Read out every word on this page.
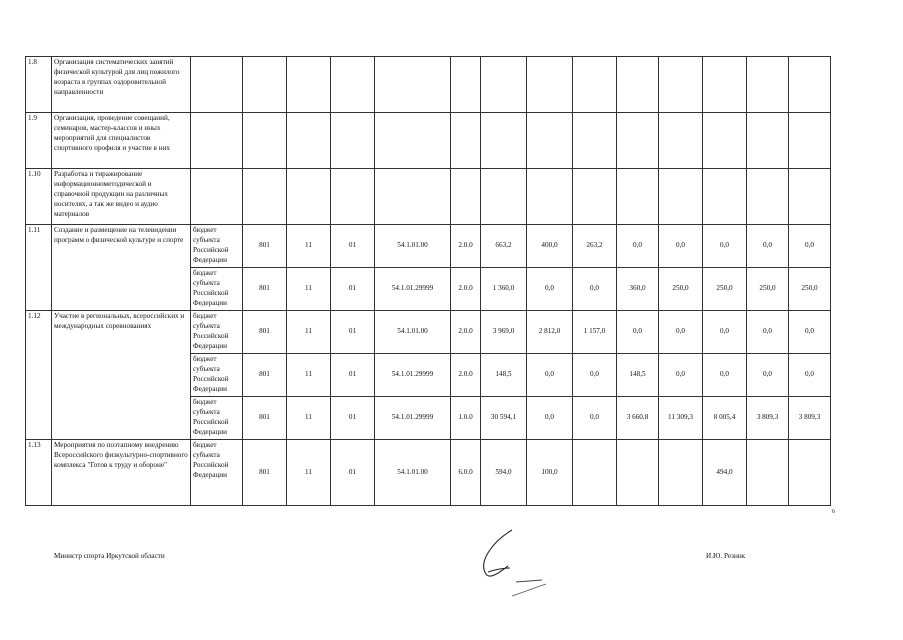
1.8	Организация систематических занятий физической культурой для лиц пожилого возраста в группах оздоровительной направленности														
1.9	Организация, проведение совещаний, семинаров, мастер-классов и иных мероприятий для специалистов спортивного профиля и участие в них														
1.10	Разработка и тиражирование информационнометодической и справочной продукции на различных носителях, а так же видео и аудио материалов														
1.11	Создание и размещение на телевидении программ о физической культуре и спорте	бюджет субъекта Российской Федерации	801	11	01	54.1.01.00	2.0.0	663,2	400,0	263,2	0,0	0,0	0,0	0,0	0,0
		бюджет субъекта Российской Федерации	801	11	01	54.1.01.29999	2.0.0	1 360,0	0,0	0,0	360,0	250,0	250,0	250,0	250,0
1.12	Участие в региональных, всероссийских и международных соревнованиях	бюджет субъекта Российской Федерации	801	11	01	54.1.01.00	2.0.0	3 969,0	2 812,0	1 157,0	0,0	0,0	0,0	0,0	0,0
		бюджет субъекта Российской Федерации	801	11	01	54.1.01.29999	2.0.0	148,5	0,0	0,0	148,5	0,0	0,0	0,0	0,0
		бюджет субъекта Российской Федерации	801	11	01	54.1.01.29999	1.0.0	30 594,1	0,0	0,0	3 660,8	11 309,3	8 005,4	3 809,3	3 809,3
1.13	Мероприятия по поэтапному внедрению Всероссийского физкультурно-спортивного комплекса "Готов к труду и обороне"	бюджет субъекта Российской Федерации	801	11	01	54.1.01.00	6.0.0	594,0	100,0				494,0		
6
Министр спорта Иркутской области	И.Ю. Резник
